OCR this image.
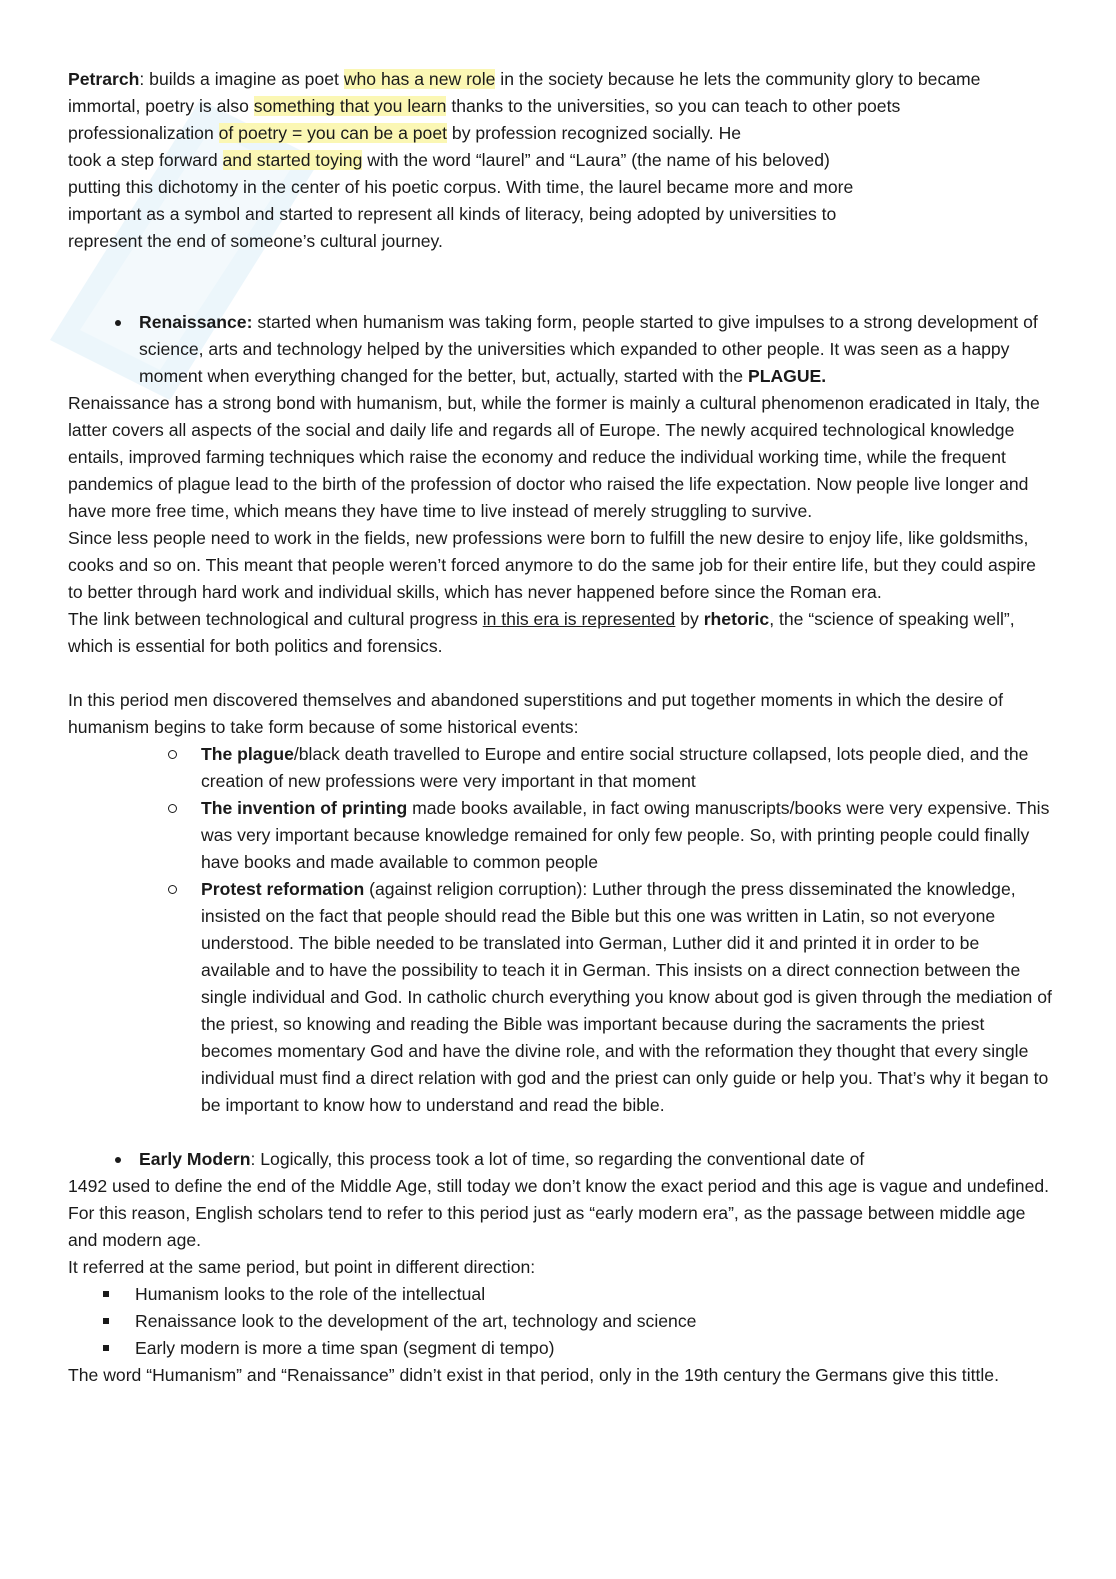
Petrarch: builds a imagine as poet who has a new role in the society because he lets the community glory to became

immortal, poetry is also something that you learn thanks to the universities, so you can teach to other poets

professionalization of poetry = you can be a poet by profession recognized socially. He

took a step forward and started toying with the word “laurel” and “Laura” (the name of his beloved)

putting this dichotomy in the center of his poetic corpus. With time, the laurel became more and more

important as a symbol and started to represent all kinds of literacy, being adopted by universities to

represent the end of someone’s cultural journey.

Renaissance: started when humanism was taking form, people started to give impulses to a strong development of science, arts and technology helped by the universities which expanded to other people. It was seen as a happy moment when everything changed for the better, but, actually, started with the PLAGUE.

Renaissance has a strong bond with humanism, but, while the former is mainly a cultural phenomenon eradicated in Italy, the latter covers all aspects of the social and daily life and regards all of Europe. The newly acquired technological knowledge entails, improved farming techniques which raise the economy and reduce the individual working time, while the frequent pandemics of plague lead to the birth of the profession of doctor who raised the life expectation. Now people live longer and have more free time, which means they have time to live instead of merely struggling to survive.

Since less people need to work in the fields, new professions were born to fulfill the new desire to enjoy life, like goldsmiths, cooks and so on. This meant that people weren’t forced anymore to do the same job for their entire life, but they could aspire to better through hard work and individual skills, which has never happened before since the Roman era.

The link between technological and cultural progress in this era is represented by rhetoric, the “science of speaking well”, which is essential for both politics and forensics.

In this period men discovered themselves and abandoned superstitions and put together moments in which the desire of humanism begins to take form because of some historical events:

The plague/black death travelled to Europe and entire social structure collapsed, lots people died, and the creation of new professions were very important in that moment
The invention of printing made books available, in fact owing manuscripts/books were very expensive. This was very important because knowledge remained for only few people. So, with printing people could finally have books and made available to common people
Protest reformation (against religion corruption): Luther through the press disseminated the knowledge, insisted on the fact that people should read the Bible but this one was written in Latin, so not everyone understood. The bible needed to be translated into German, Luther did it and printed it in order to be available and to have the possibility to teach it in German. This insists on a direct connection between the single individual and God. In catholic church everything you know about god is given through the mediation of the priest, so knowing and reading the Bible was important because during the sacraments the priest becomes momentary God and have the divine role, and with the reformation they thought that every single individual must find a direct relation with god and the priest can only guide or help you. That’s why it began to be important to know how to understand and read the bible.
Early Modern: Logically, this process took a lot of time, so regarding the conventional date of

1492 used to define the end of the Middle Age, still today we don’t know the exact period and this age is vague and undefined. For this reason, English scholars tend to refer to this period just as “early modern era”, as the passage between middle age and modern age.

It referred at the same period, but point in different direction:

Humanism looks to the role of the intellectual
Renaissance look to the development of the art, technology and science
Early modern is more a time span (segment di tempo)

The word “Humanism” and “Renaissance” didn’t exist in that period, only in the 19th century the Germans give this tittle.
